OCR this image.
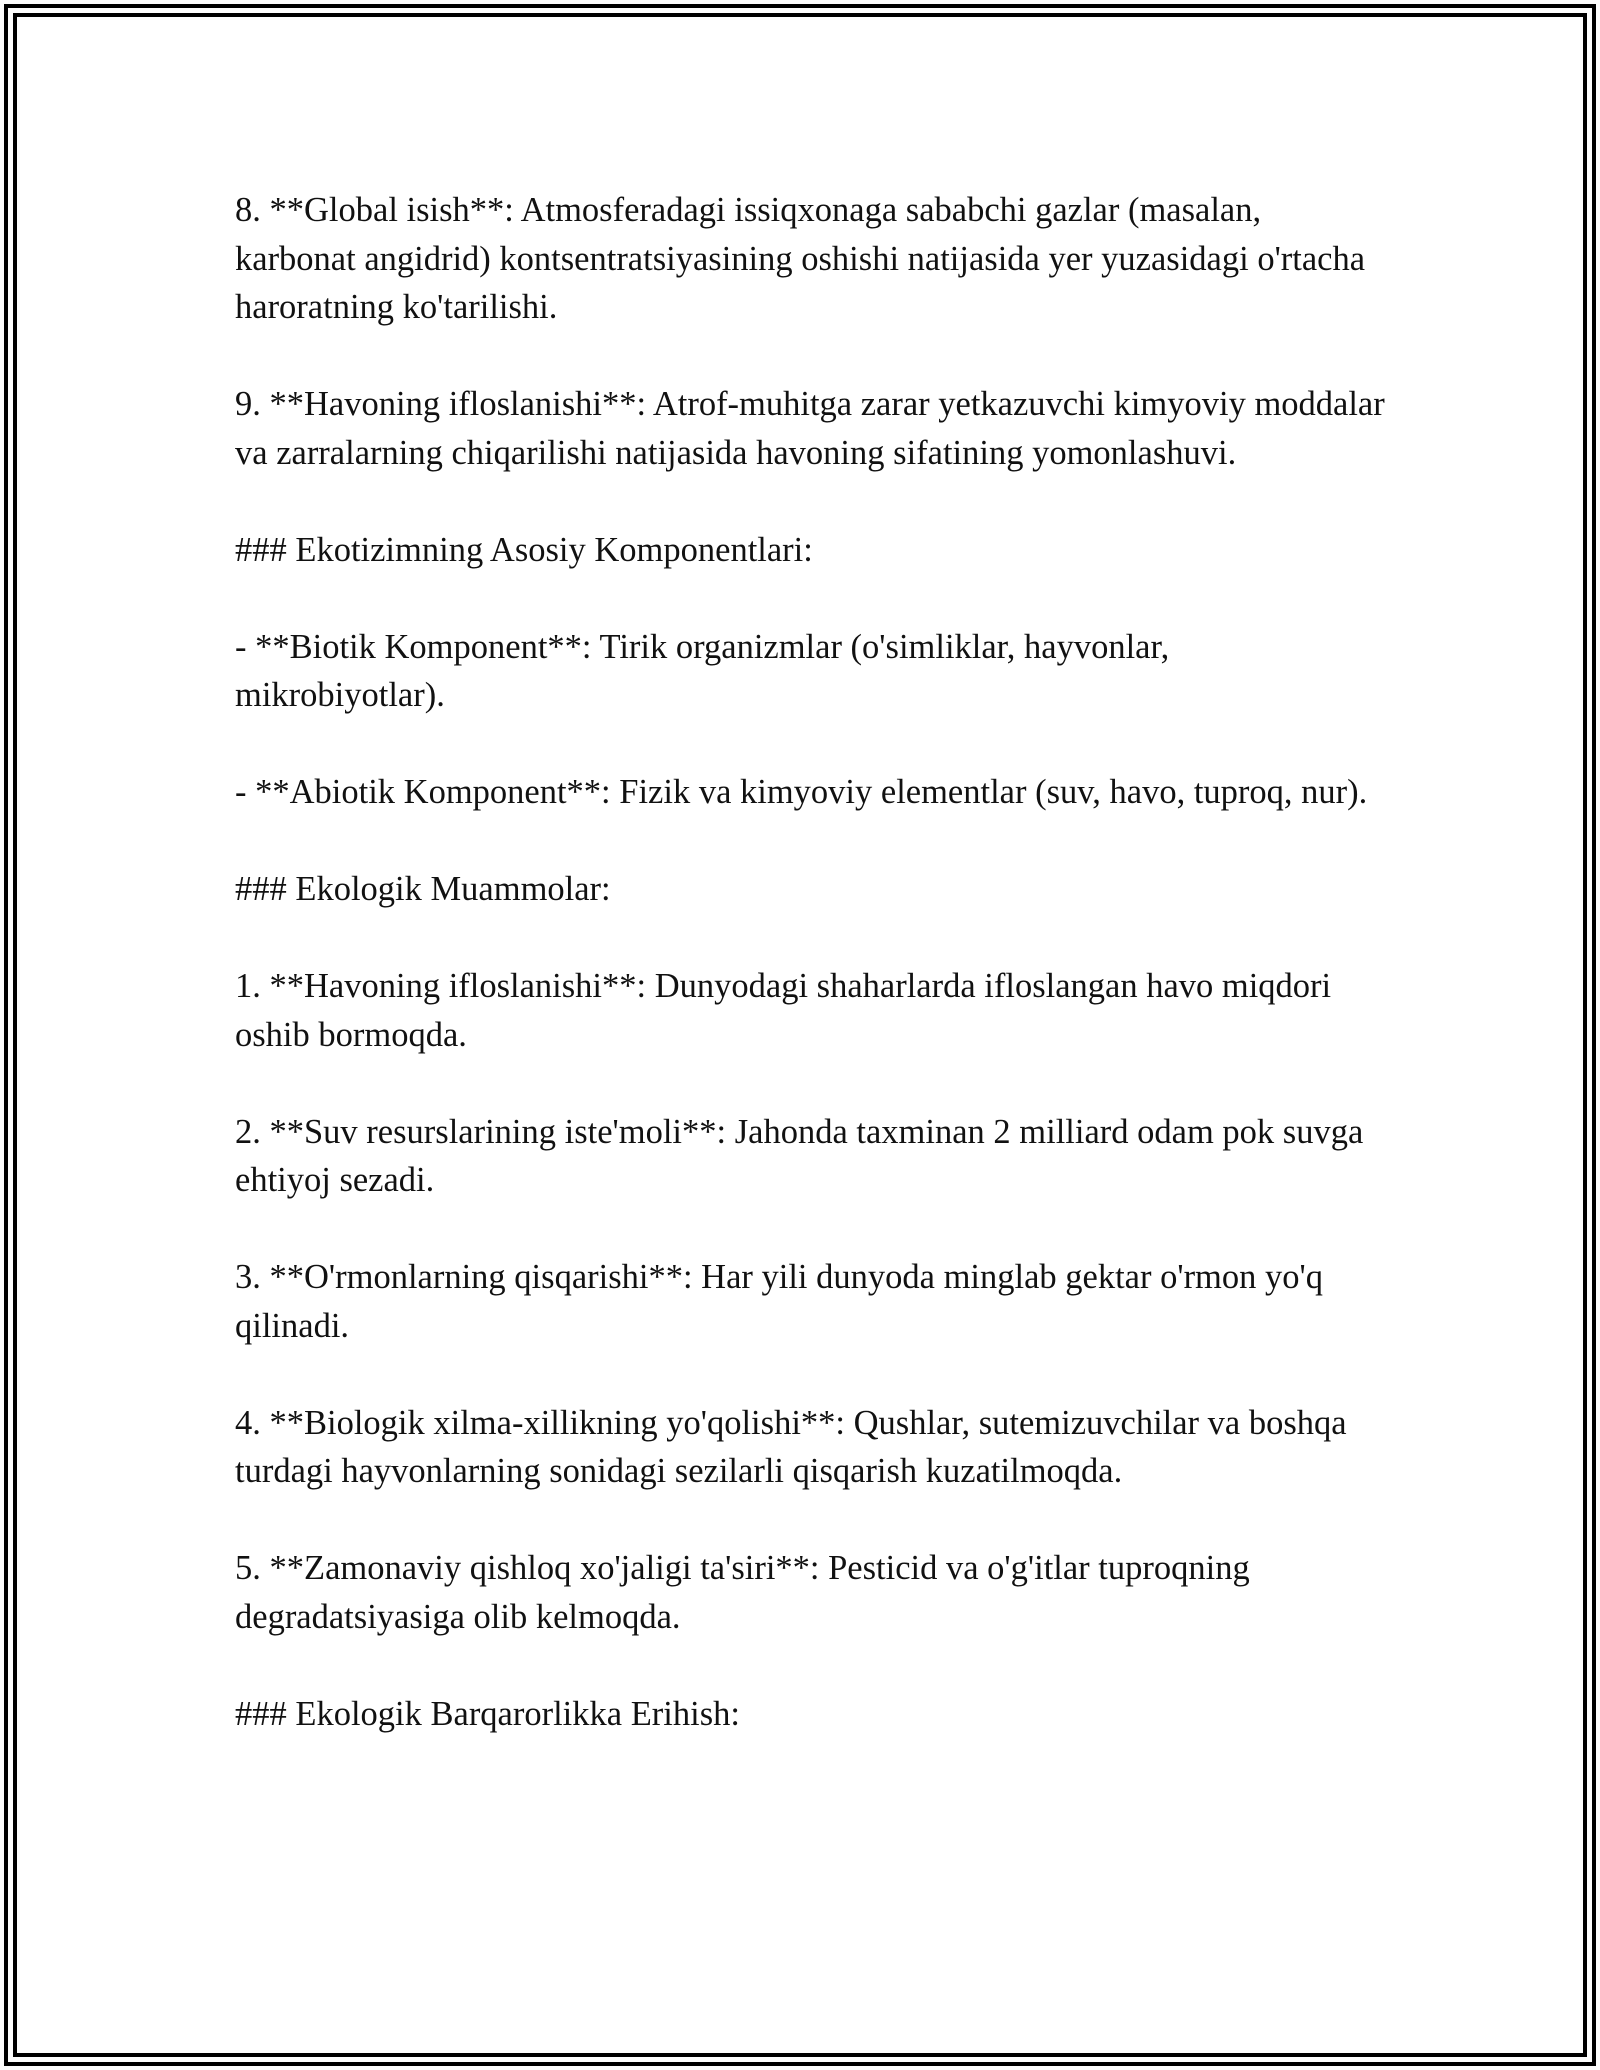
8. **Global isish**: Atmosferadagi issiqxonaga sababchi gazlar (masalan, karbonat angidrid) kontsentratsiyasining oshishi natijasida yer yuzasidagi o'rtacha haroratning ko'tarilishi.

9. **Havoning ifloslanishi**: Atrof-muhitga zarar yetkazuvchi kimyoviy moddalar va zarralarning chiqarilishi natijasida havoning sifatining yomonlashuvi.

### Ekotizimning Asosiy Komponentlari:

- **Biotik Komponent**: Tirik organizmlar (o'simliklar, hayvonlar, mikrobiyotlar).

- **Abiotik Komponent**: Fizik va kimyoviy elementlar (suv, havo, tuproq, nur).

### Ekologik Muammolar:

1. **Havoning ifloslanishi**: Dunyodagi shaharlarda ifloslangan havo miqdori oshib bormoqda.

2. **Suv resurslarining iste'moli**: Jahonda taxminan 2 milliard odam pok suvga ehtiyoj sezadi.

3. **O'rmonlarning qisqarishi**: Har yili dunyoda minglab gektar o'rmon yo'q qilinadi.

4. **Biologik xilma-xillikning yo'qolishi**: Qushlar, sutemizuvchilar va boshqa turdagi hayvonlarning sonidagi sezilarli qisqarish kuzatilmoqda.

5. **Zamonaviy qishloq xo'jaligi ta'siri**: Pesticid va o'g'itlar tuproqning degradatsiyasiga olib kelmoqda.

### Ekologik Barqarorlikka Erihish:
